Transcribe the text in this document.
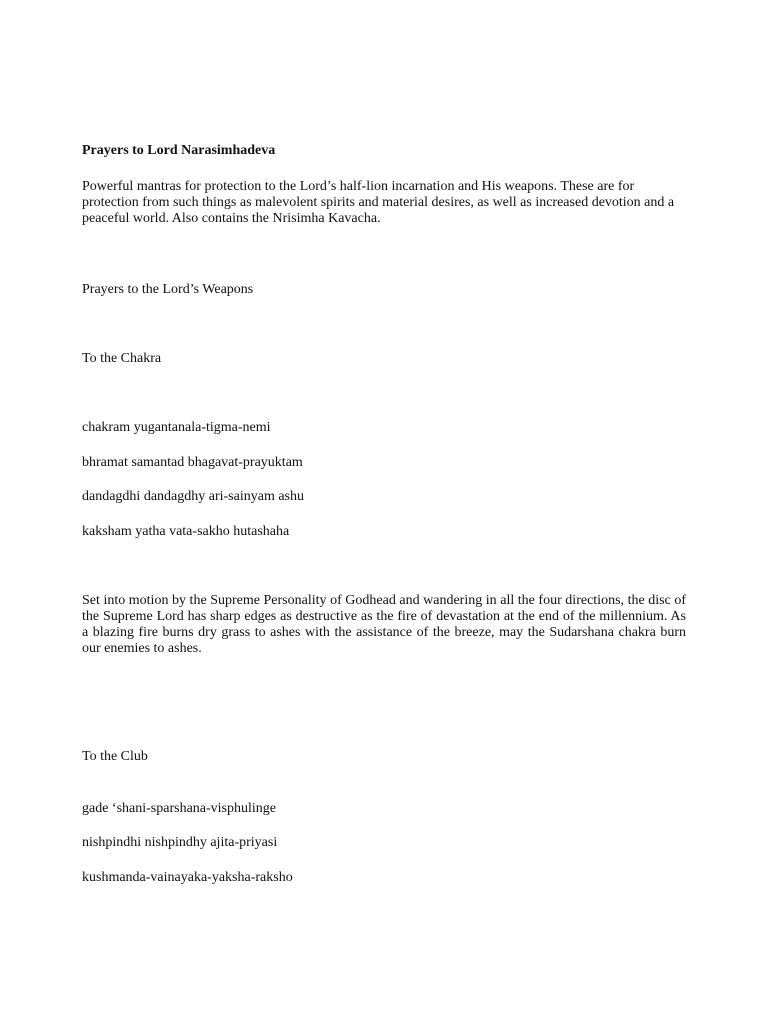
Prayers to Lord Narasimhadeva

Powerful mantras for protection to the Lord’s half-lion incarnation and His weapons. These are for protection from such things as malevolent spirits and material desires, as well as increased devotion and a peaceful world. Also contains the Nrisimha Kavacha.

Prayers to the Lord’s Weapons

To the Chakra

chakram yugantanala-tigma-nemi

bhramat samantad bhagavat-prayuktam

dandagdhi dandagdhy ari-sainyam ashu

kaksham yatha vata-sakho hutashaha

Set into motion by the Supreme Personality of Godhead and wandering in all the four directions, the disc of the Supreme Lord has sharp edges as destructive as the fire of devastation at the end of the millennium. As a blazing fire burns dry grass to ashes with the assistance of the breeze, may the Sudarshana chakra burn our enemies to ashes.

To the Club

gade ‘shani-sparshana-visphulinge

nishpindhi nishpindhy ajita-priyasi

kushmanda-vainayaka-yaksha-raksho
